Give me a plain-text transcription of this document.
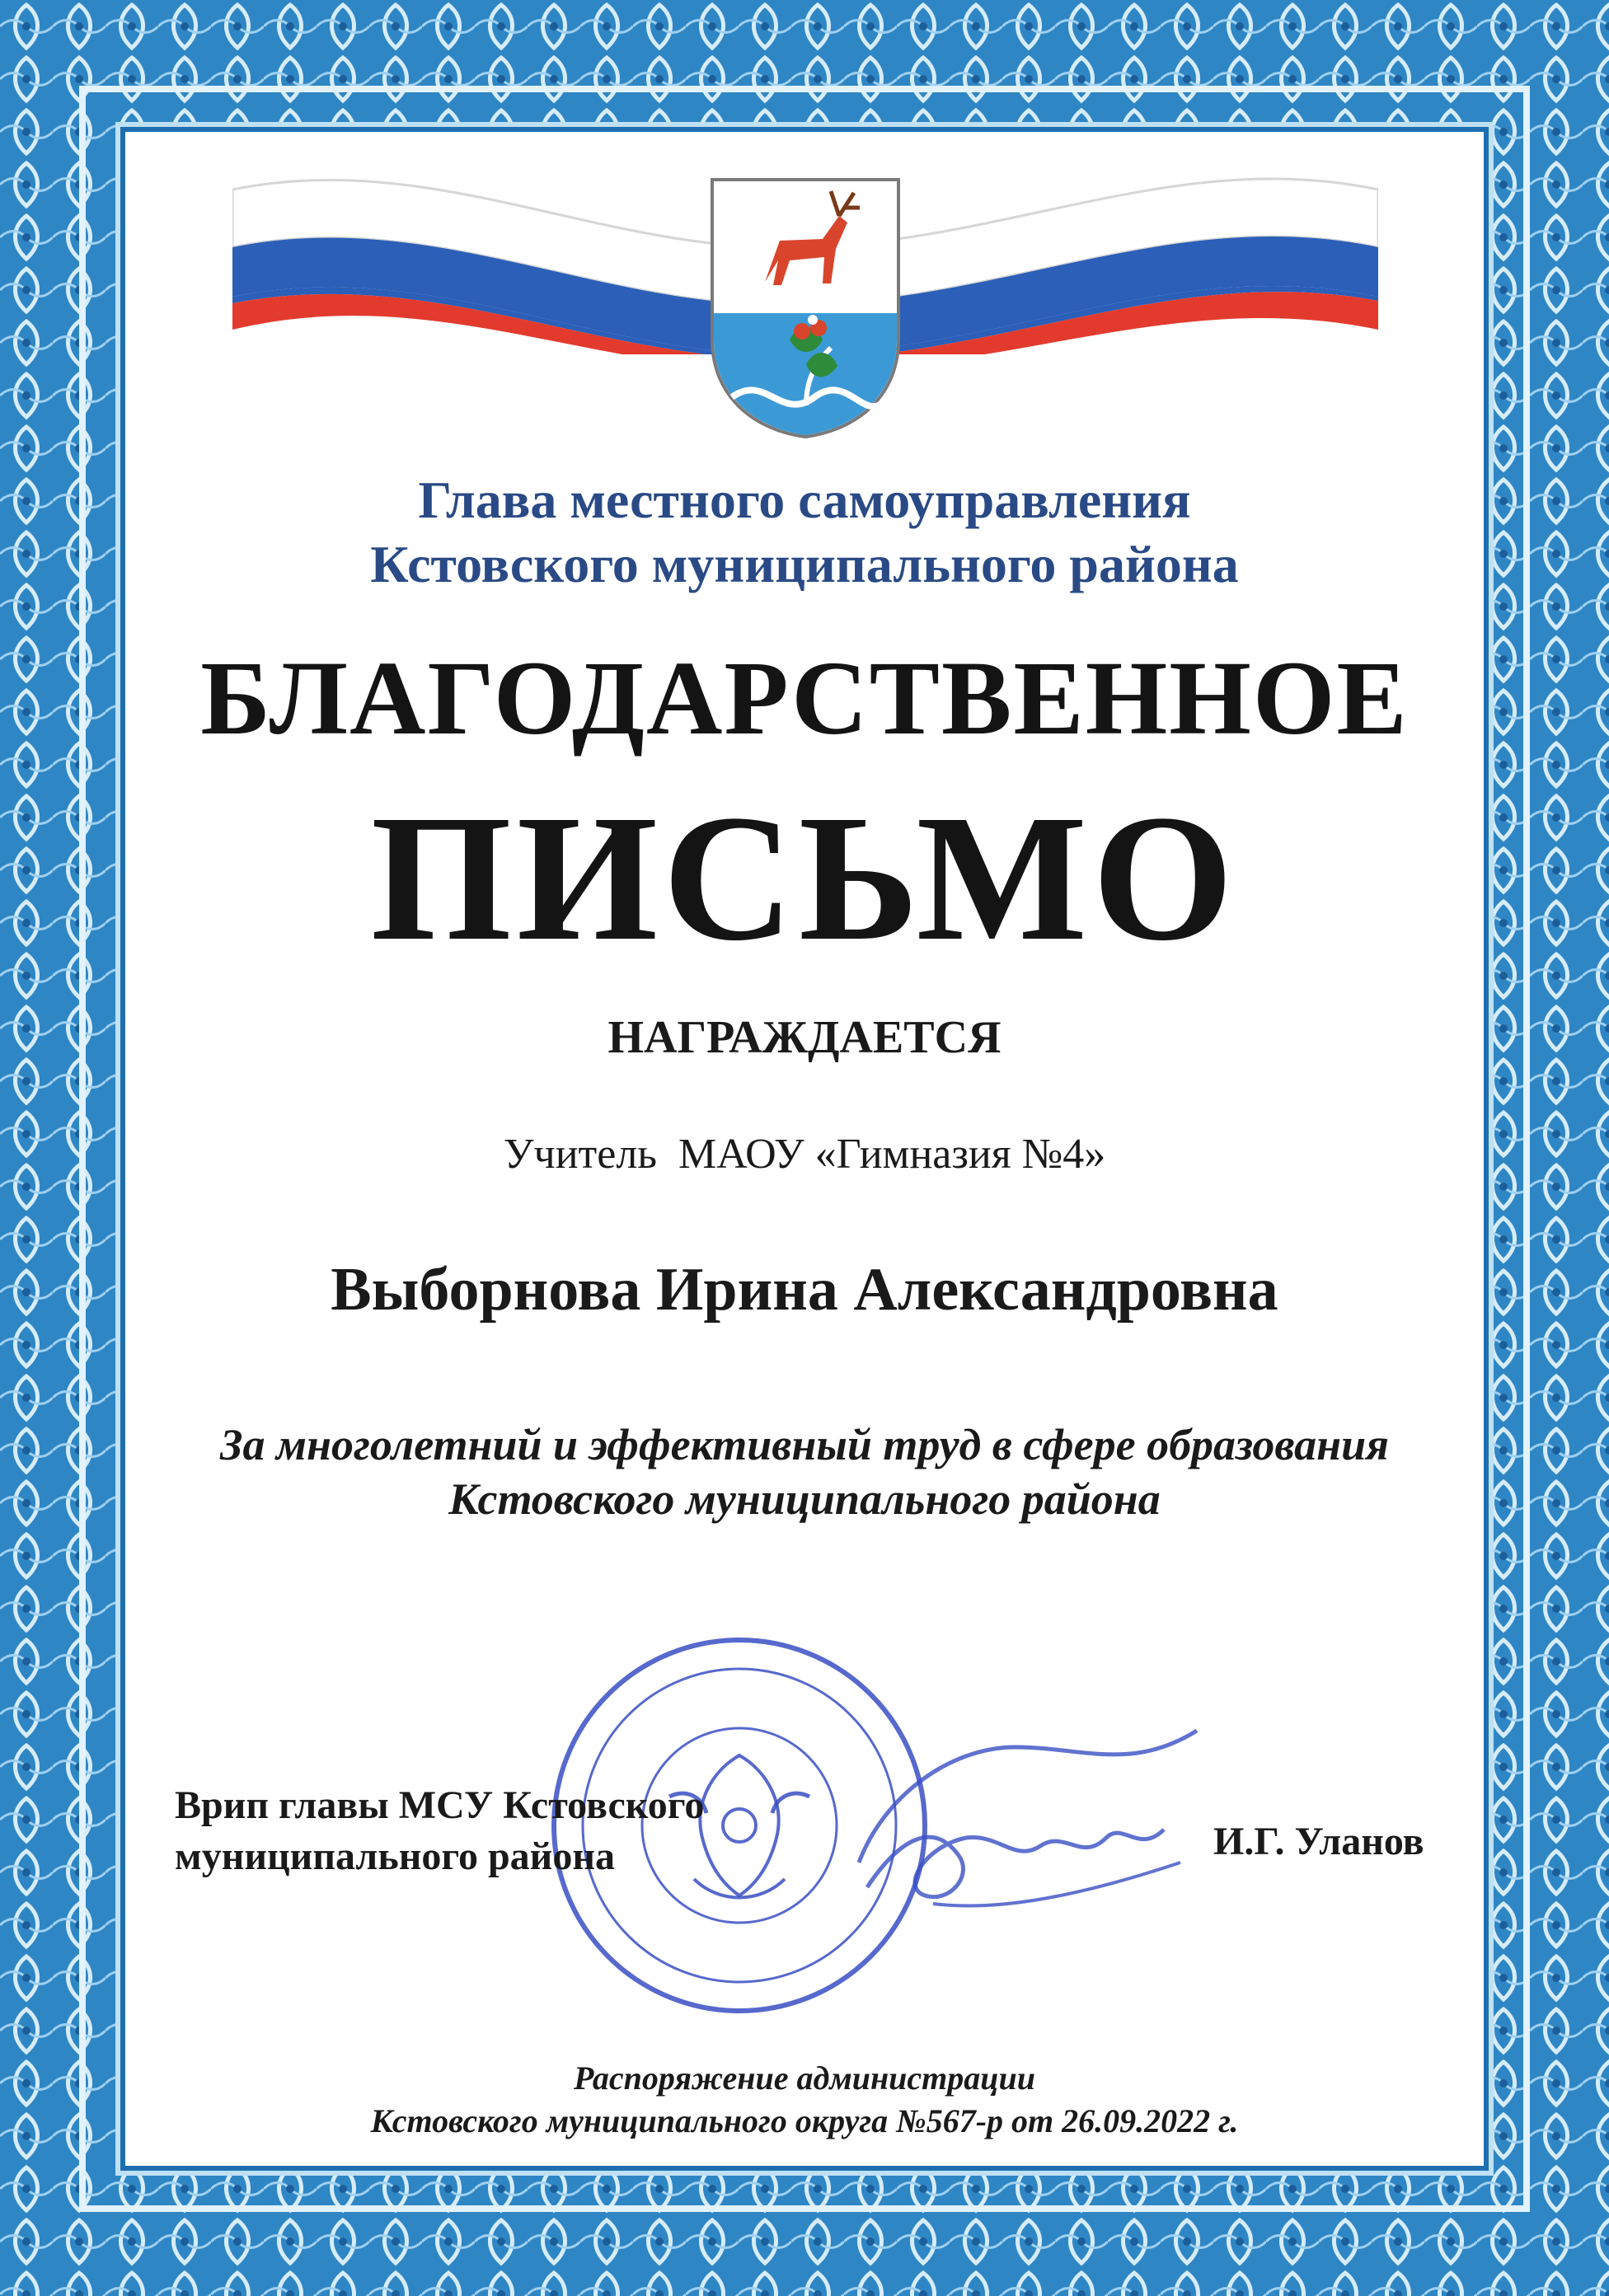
Глава местного самоуправления
Кстовского муниципального района
БЛАГОДАРСТВЕННОЕ
ПИСЬМО
НАГРАЖДАЕТСЯ
Учитель  МАОУ «Гимназия №4»
Выборнова Ирина Александровна
За многолетний и эффективный труд в сфере образования
Кстовского муниципального района
Врип главы МСУ Кстовского
муниципального района	И.Г. Уланов
Распоряжение администрации
Кстовского муниципального округа №567-р от 26.09.2022 г.
